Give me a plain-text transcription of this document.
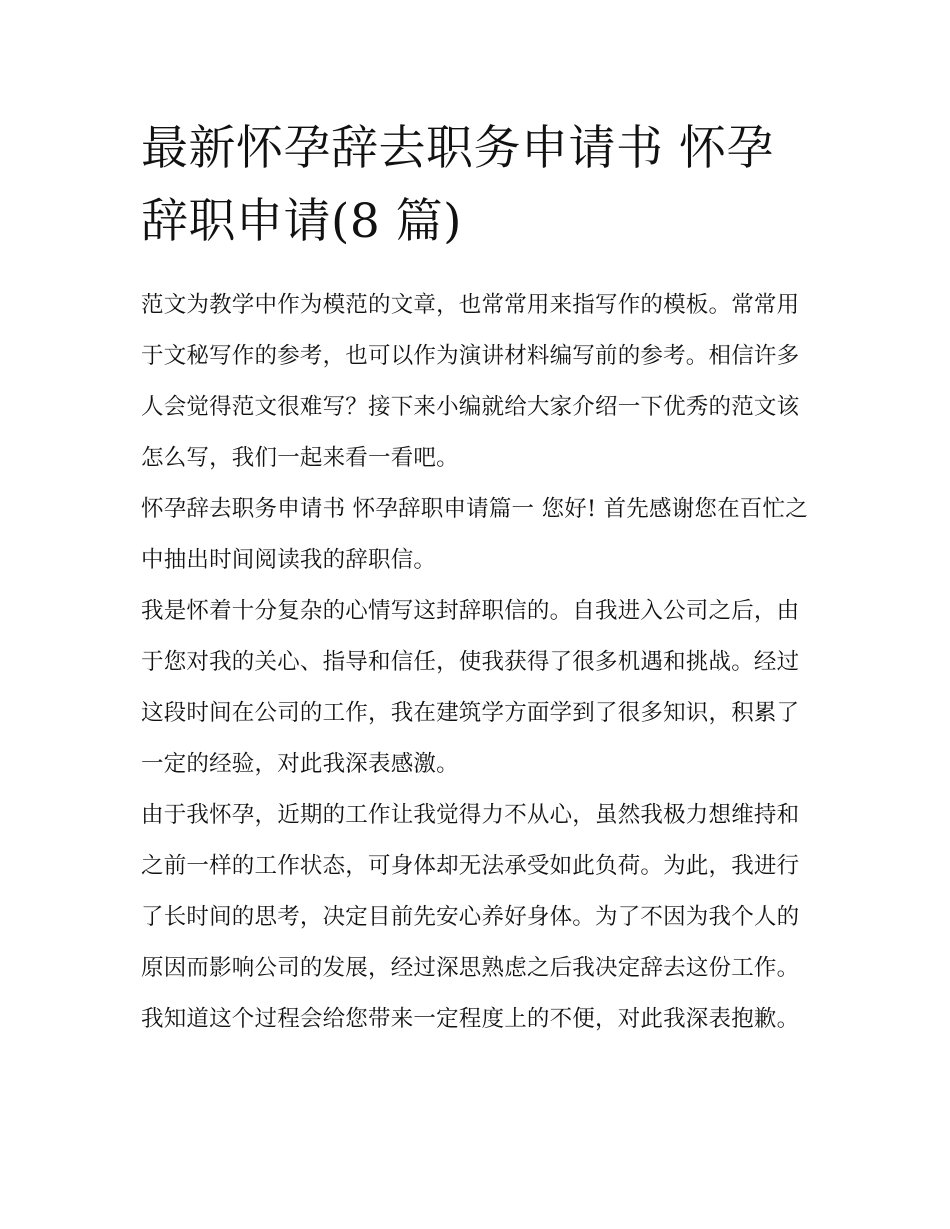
最新怀孕辞去职务申请书 怀孕辞职申请(8 篇)

范文为教学中作为模范的文章，也常常用来指写作的模板。常常用于文秘写作的参考，也可以作为演讲材料编写前的参考。相信许多人会觉得范文很难写？接下来小编就给大家介绍一下优秀的范文该怎么写，我们一起来看一看吧。

怀孕辞去职务申请书 怀孕辞职申请篇一 您好! 首先感谢您在百忙之中抽出时间阅读我的辞职信。

我是怀着十分复杂的心情写这封辞职信的。自我进入公司之后，由于您对我的关心、指导和信任，使我获得了很多机遇和挑战。经过这段时间在公司的工作，我在建筑学方面学到了很多知识，积累了一定的经验，对此我深表感激。

由于我怀孕，近期的工作让我觉得力不从心，虽然我极力想维持和之前一样的工作状态，可身体却无法承受如此负荷。为此，我进行了长时间的思考，决定目前先安心养好身体。为了不因为我个人的原因而影响公司的发展，经过深思熟虑之后我决定辞去这份工作。我知道这个过程会给您带来一定程度上的不便，对此我深表抱歉。
